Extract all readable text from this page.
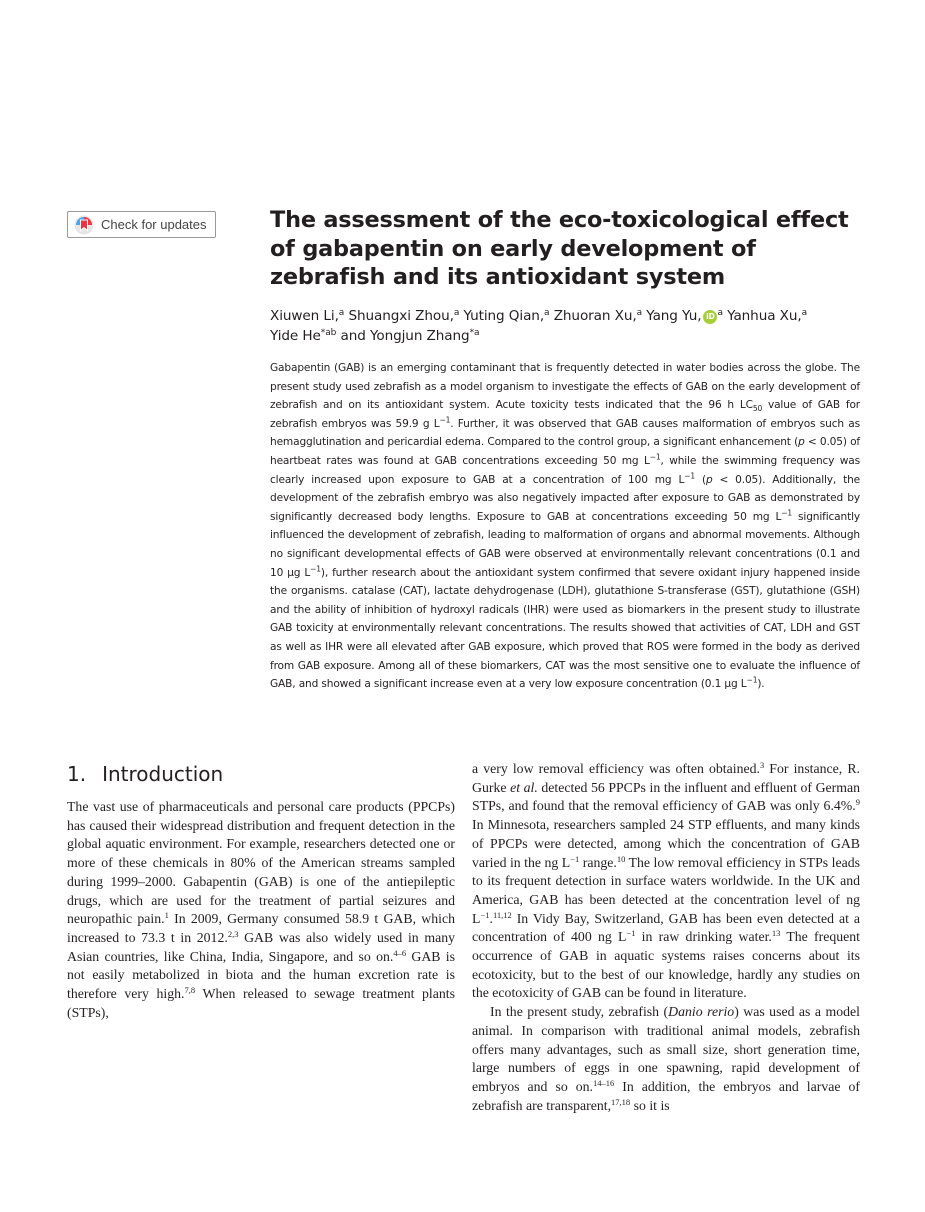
Check for updates	The assessment of the eco-toxicological effect of gabapentin on early development of zebrafish and its antioxidant system
Xiuwen Li,$^a$ Shuangxi Zhou,$^a$ Yuting Qian,$^a$ Zhuoran Xu,$^a$ Yang Yu, iD $^a$ Yanhua Xu,$^a$
Yide $He^{*ab}$ and Yongjun Zhang$^{*a}$
Gabapentin (GAB) is an emerging contaminant that is frequently detected in water bodies across the globe. The present study used zebrafish as a model organism to investigate the effects of GAB on the early development of zebrafish and on its antioxidant system. Acute toxicity tests indicated that the 96 h $LC_{50}$ value of GAB for zebrafish embryos was 59.9 g $L^{-1}$. Further, it was observed that GAB causes malformation of embryos such as hemagglutination and pericardial edema. Compared to the control group, a significant enhancement (p < 0.05) of heartbeat rates was found at GAB concentrations exceeding 50 mg $L^{-1}$, while the swimming frequency was clearly increased upon exposure to GAB at a concentration of 100 mg $L^{-1}$ (p < 0.05). Additionally, the development of the zebrafish embryo was also negatively impacted after exposure to GAB as demonstrated by significantly decreased body lengths. Exposure to GAB at concentrations exceeding 50 mg $L^{-1}$ significantly influenced the development of zebrafish, leading to malformation of organs and abnormal movements. Although no significant developmental effects of GAB were observed at environmentally relevant concentrations (0.1 and 10 μg $L^{-1}$), further research about the antioxidant system confirmed that severe oxidant injury happened inside the organisms. catalase (CAT), lactate dehydrogenase (LDH), glutathione S-transferase (GST), glutathione (GSH) and the ability of inhibition of hydroxyl radicals (IHR) were used as biomarkers in the present study to illustrate GAB toxicity at environmentally relevant concentrations. The results showed that activities of CAT, LDH and GST as well as IHR were all elevated after GAB exposure, which proved that ROS were formed in the body as derived from GAB exposure. Among all of these biomarkers, CAT was the most sensitive one to evaluate the influence of GAB, and showed a significant increase even at a very low exposure concentration (0.1 μg $L^{-1}$).
1. Introduction

The vast use of pharmaceuticals and personal care products (PPCPs) has caused their widespread distribution and frequent detection in the global aquatic environment. For example, researchers detected one or more of these chemicals in 80% of the American streams sampled during 1999–2000. Gabapentin (GAB) is one of the antiepileptic drugs, which are used for the treatment of partial seizures and neuropathic pain.$^1$ In 2009, Germany consumed 58.9 t GAB, which increased to 73.3 t in 2012.$^{2,3}$ GAB was also widely used in many Asian countries, like China, India, Singapore, and so on.$^{4-6}$ GAB is not easily metabolized in biota and the human excretion rate is therefore very high.$^{7,8}$ When released to sewage treatment plants (STPs),

a very low removal efficiency was often obtained.$^3$ For instance, R. Gurke et al. detected 56 PPCPs in the influent and effluent of German STPs, and found that the removal efficiency of GAB was only 6.4%.$^9$ In Minnesota, researchers sampled 24 STP effluents, and many kinds of PPCPs were detected, among which the concentration of GAB varied in the ng $L^{-1}$ range.$^{10}$ The low removal efficiency in STPs leads to its frequent detection in surface waters worldwide. In the UK and America, GAB has been detected at the concentration level of ng $L^{-1}.^{11,12}$ In Vidy Bay, Switzerland, GAB has been even detected at a concentration of 400 ng $L^{-1}$ in raw drinking water.$^{13}$ The frequent occurrence of GAB in aquatic systems raises concerns about its ecotoxicity, but to the best of our knowledge, hardly any studies on the ecotoxicity of GAB can be found in literature.

In the present study, zebrafish (Danio rerio) was used as a model animal. In comparison with traditional animal models, zebrafish offers many advantages, such as small size, short generation time, large numbers of eggs in one spawning, rapid development of embryos and so on.$^{14-16}$ In addition, the embryos and larvae of zebrafish are transparent,$^{17,18}$ so it is
